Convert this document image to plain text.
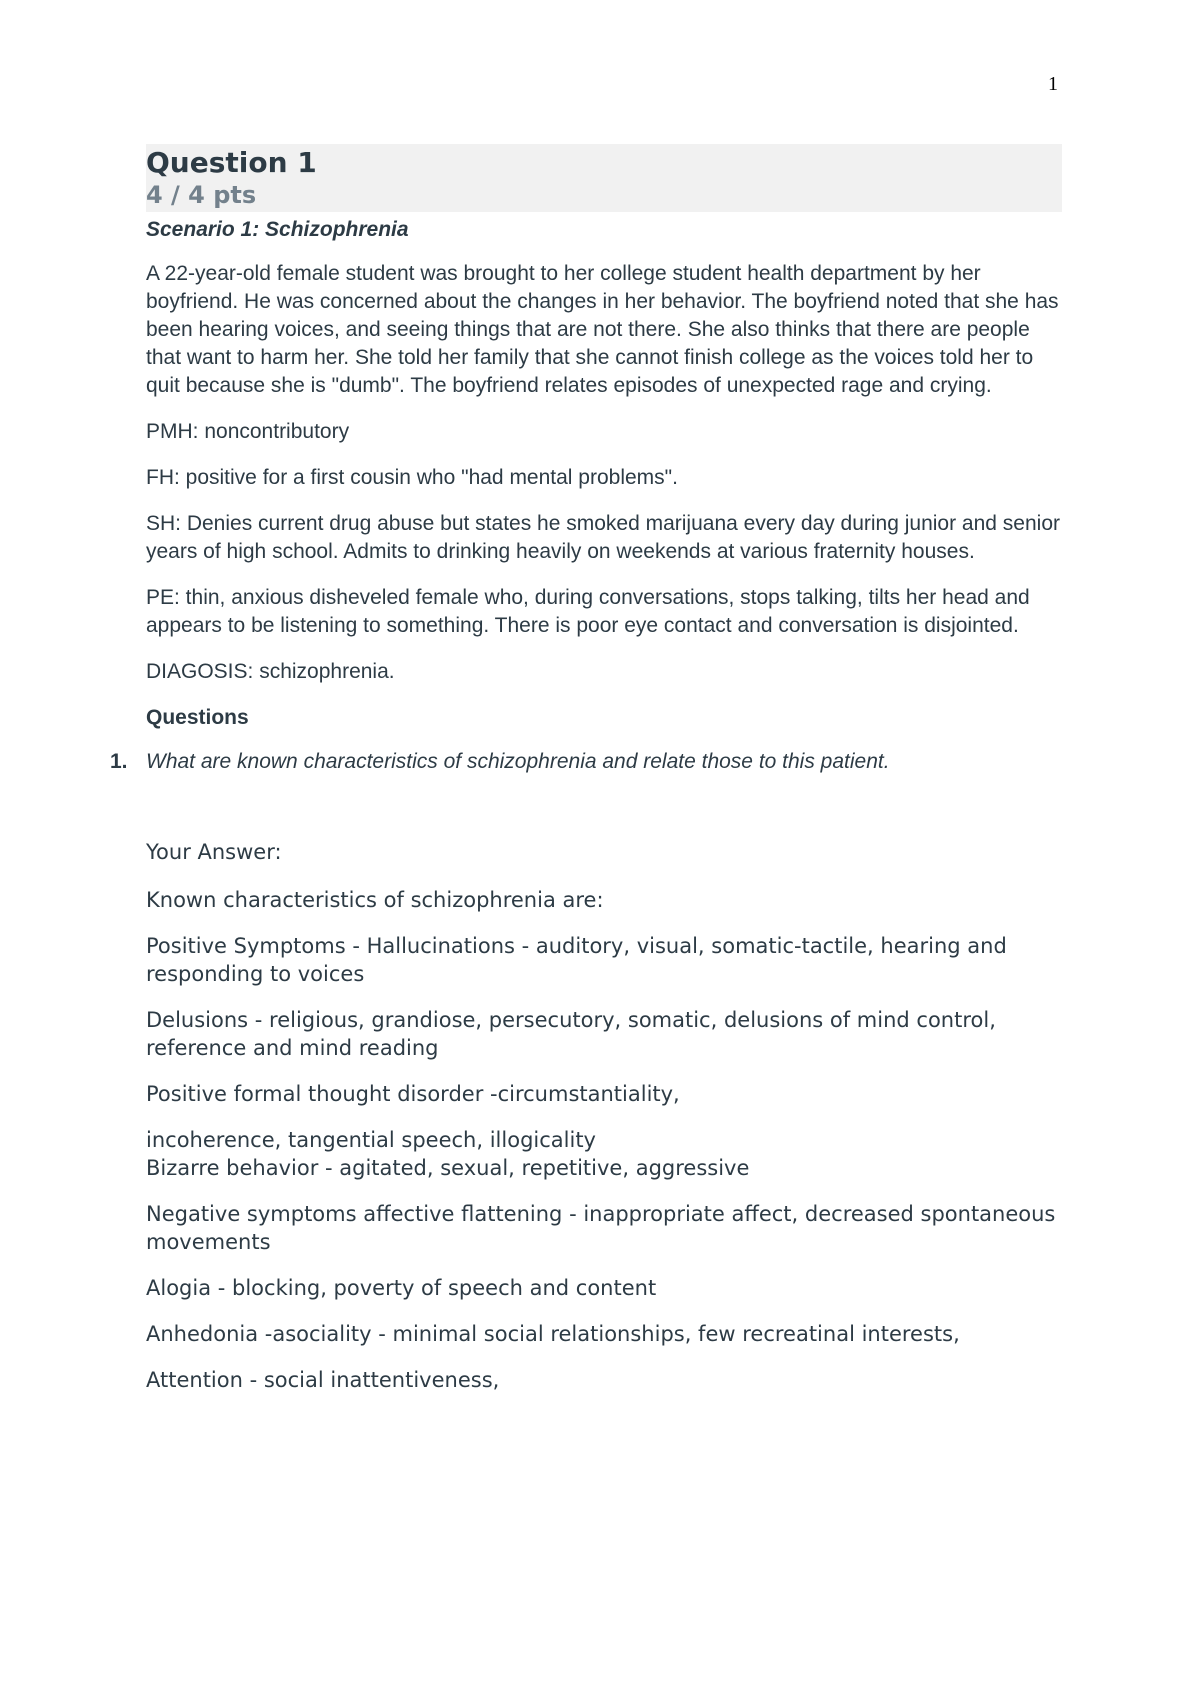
1
Question 1
4 / 4 pts
Scenario 1: Schizophrenia

A 22-year-old female student was brought to her college student health department by her boyfriend. He was concerned about the changes in her behavior. The boyfriend noted that she has been hearing voices, and seeing things that are not there. She also thinks that there are people that want to harm her. She told her family that she cannot finish college as the voices told her to quit because she is "dumb". The boyfriend relates episodes of unexpected rage and crying.

PMH: noncontributory

FH: positive for a first cousin who "had mental problems".

SH: Denies current drug abuse but states he smoked marijuana every day during junior and senior years of high school. Admits to drinking heavily on weekends at various fraternity houses.

PE: thin, anxious disheveled female who, during conversations, stops talking, tilts her head and appears to be listening to something. There is poor eye contact and conversation is disjointed.

DIAGOSIS: schizophrenia.

Questions
1. What are known characteristics of schizophrenia and relate those to this patient.

Your Answer:

Known characteristics of schizophrenia are:

Positive Symptoms - Hallucinations - auditory, visual, somatic-tactile, hearing and responding to voices

Delusions - religious, grandiose, persecutory, somatic, delusions of mind control, reference and mind reading

Positive formal thought disorder -circumstantiality,

incoherence, tangential speech, illogicality

Bizarre behavior - agitated, sexual, repetitive, aggressive

Negative symptoms affective flattening - inappropriate affect, decreased spontaneous movements

Alogia - blocking, poverty of speech and content

Anhedonia -asociality - minimal social relationships, few recreatinal interests,

Attention - social inattentiveness,
